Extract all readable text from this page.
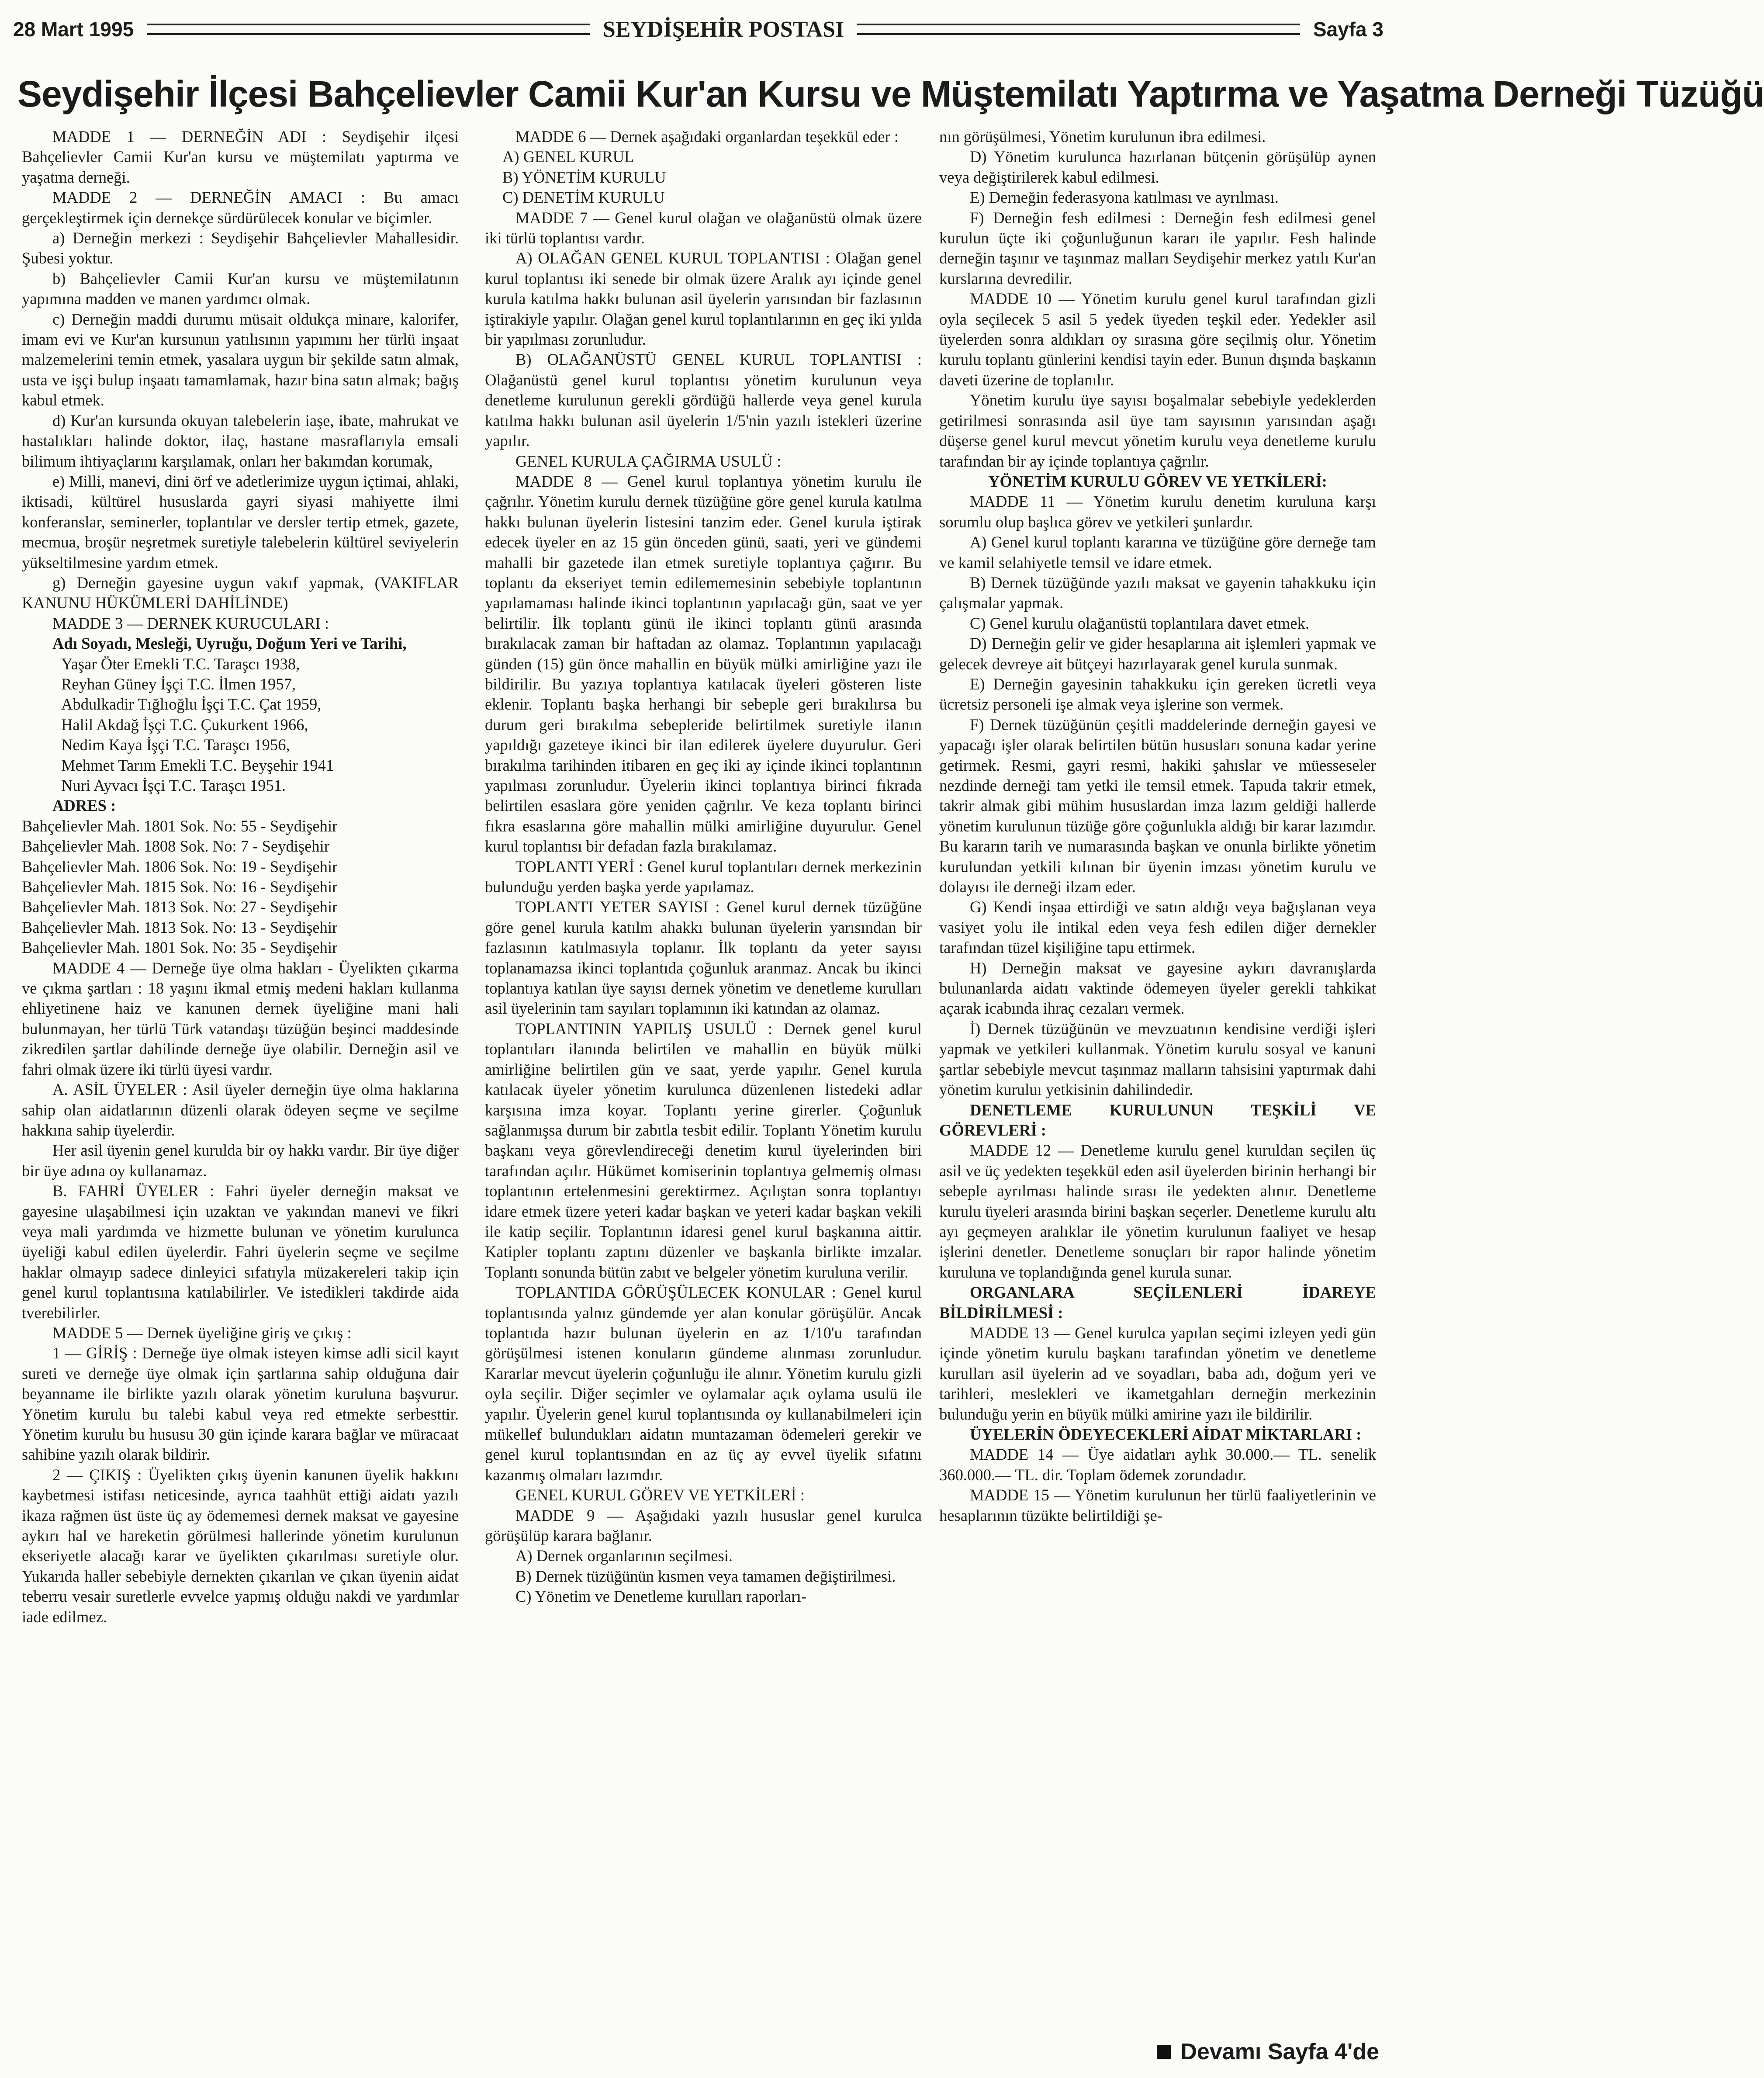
28 Mart 1995	SEYDİŞEHİR POSTASI	Sayfa 3
Seydişehir İlçesi Bahçelievler Camii Kur'an Kursu ve Müştemilatı Yaptırma ve Yaşatma Derneği Tüzüğü

MADDE 1 — DERNEĞİN ADI : Seydişehir ilçesi Bahçelievler Camii Kur'an kursu ve müştemilatı yaptırma ve yaşatma derneği.

MADDE 2 — DERNEĞİN AMACI : Bu amacı gerçekleştirmek için dernekçe sürdürülecek konular ve biçimler.

a) Derneğin merkezi : Seydişehir Bahçelievler Mahallesidir. Şubesi yoktur.

b) Bahçelievler Camii Kur'an kursu ve müştemilatının yapımına madden ve manen yardımcı olmak.

c) Derneğin maddi durumu müsait oldukça minare, kalorifer, imam evi ve Kur'an kursunun yatılısının yapımını her türlü inşaat malzemelerini temin etmek, yasalara uygun bir şekilde satın almak, usta ve işçi bulup inşaatı tamamlamak, hazır bina satın almak; bağış kabul etmek.

d) Kur'an kursunda okuyan talebelerin iaşe, ibate, mahrukat ve hastalıkları halinde doktor, ilaç, hastane masraflarıyla emsali bilimum ihtiyaçlarını karşılamak, onları her bakımdan korumak,

e) Milli, manevi, dini örf ve adetlerimize uygun içtimai, ahlaki, iktisadi, kültürel hususlarda gayri siyasi mahiyette ilmi konferanslar, seminerler, toplantılar ve dersler tertip etmek, gazete, mecmua, broşür neşretmek suretiyle talebelerin kültürel seviyelerin yükseltilmesine yardım etmek.

g) Derneğin gayesine uygun vakıf yapmak, (VAKIFLAR KANUNU HÜKÜMLERİ DAHİLİNDE)

MADDE 3 — DERNEK KURUCULARI :

Adı Soyadı, Mesleği, Uyruğu, Doğum Yeri ve Tarihi,

Yaşar Öter Emekli T.C. Taraşcı 1938,

Reyhan Güney İşçi T.C. İlmen 1957,

Abdulkadir Tığlıoğlu İşçi T.C. Çat 1959,

Halil Akdağ İşçi T.C. Çukurkent 1966,

Nedim Kaya İşçi T.C. Taraşcı 1956,

Mehmet Tarım Emekli T.C. Beyşehir 1941

Nuri Ayvacı İşçi T.C. Taraşcı 1951.

ADRES :

Bahçelievler Mah. 1801 Sok. No: 55 - Seydişehir

Bahçelievler Mah. 1808 Sok. No: 7 - Seydişehir

Bahçelievler Mah. 1806 Sok. No: 19 - Seydişehir

Bahçelievler Mah. 1815 Sok. No: 16 - Seydişehir

Bahçelievler Mah. 1813 Sok. No: 27 - Seydişehir

Bahçelievler Mah. 1813 Sok. No: 13 - Seydişehir

Bahçelievler Mah. 1801 Sok. No: 35 - Seydişehir

MADDE 4 — Derneğe üye olma hakları - Üyelikten çıkarma ve çıkma şartları : 18 yaşını ikmal etmiş medeni hakları kullanma ehliyetinene haiz ve kanunen dernek üyeliğine mani hali bulunmayan, her türlü Türk vatandaşı tüzüğün beşinci maddesinde zikredilen şartlar dahilinde derneğe üye olabilir. Derneğin asil ve fahri olmak üzere iki türlü üyesi vardır.

A. ASİL ÜYELER : Asil üyeler derneğin üye olma haklarına sahip olan aidatlarının düzenli olarak ödeyen seçme ve seçilme hakkına sahip üyelerdir.

Her asil üyenin genel kurulda bir oy hakkı vardır. Bir üye diğer bir üye adına oy kullanamaz.

B. FAHRİ ÜYELER : Fahri üyeler derneğin maksat ve gayesine ulaşabilmesi için uzaktan ve yakından manevi ve fikri veya mali yardımda ve hizmette bulunan ve yönetim kurulunca üyeliği kabul edilen üyelerdir. Fahri üyelerin seçme ve seçilme haklar olmayıp sadece dinleyici sıfatıyla müzakereleri takip için genel kurul toplantısına katılabilirler. Ve istedikleri takdirde aida tverebilirler.

MADDE 5 — Dernek üyeliğine giriş ve çıkış :

1 — GİRİŞ : Derneğe üye olmak isteyen kimse adli sicil kayıt sureti ve derneğe üye olmak için şartlarına sahip olduğuna dair beyanname ile birlikte yazılı olarak yönetim kuruluna başvurur. Yönetim kurulu bu talebi kabul veya red etmekte serbesttir. Yönetim kurulu bu hususu 30 gün içinde karara bağlar ve müracaat sahibine yazılı olarak bildirir.

2 — ÇIKIŞ : Üyelikten çıkış üyenin kanunen üyelik hakkını kaybetmesi istifası neticesinde, ayrıca taahhüt ettiği aidatı yazılı ikaza rağmen üst üste üç ay ödememesi dernek maksat ve gayesine aykırı hal ve hareketin görülmesi hallerinde yönetim kurulunun ekseriyetle alacağı karar ve üyelikten çıkarılması suretiyle olur. Yukarıda haller sebebiyle dernekten çıkarılan ve çıkan üyenin aidat teberru vesair suretlerle evvelce yapmış olduğu nakdi ve yardımlar iade edilmez.

MADDE 6 — Dernek aşağıdaki organlardan teşekkül eder :

A) GENEL KURUL

B) YÖNETİM KURULU

C) DENETİM KURULU

MADDE 7 — Genel kurul olağan ve olağanüstü olmak üzere iki türlü toplantısı vardır.

A) OLAĞAN GENEL KURUL TOPLANTISI : Olağan genel kurul toplantısı iki senede bir olmak üzere Aralık ayı içinde genel kurula katılma hakkı bulunan asil üyelerin yarısından bir fazlasının iştirakiyle yapılır. Olağan genel kurul toplantılarının en geç iki yılda bir yapılması zorunludur.

B) OLAĞANÜSTÜ GENEL KURUL TOPLANTISI : Olağanüstü genel kurul toplantısı yönetim kurulunun veya denetleme kurulunun gerekli gördüğü hallerde veya genel kurula katılma hakkı bulunan asil üyelerin 1/5'nin yazılı istekleri üzerine yapılır.

GENEL KURULA ÇAĞIRMA USULÜ :

MADDE 8 — Genel kurul toplantıya yönetim kurulu ile çağrılır. Yönetim kurulu dernek tüzüğüne göre genel kurula katılma hakkı bulunan üyelerin listesini tanzim eder. Genel kurula iştirak edecek üyeler en az 15 gün önceden günü, saati, yeri ve gündemi mahalli bir gazetede ilan etmek suretiyle toplantıya çağırır. Bu toplantı da ekseriyet temin edilememesinin sebebiyle toplantının yapılamaması halinde ikinci toplantının yapılacağı gün, saat ve yer belirtilir. İlk toplantı günü ile ikinci toplantı günü arasında bırakılacak zaman bir haftadan az olamaz. Toplantının yapılacağı günden (15) gün önce mahallin en büyük mülki amirliğine yazı ile bildirilir. Bu yazıya toplantıya katılacak üyeleri gösteren liste eklenir. Toplantı başka herhangi bir sebeple geri bırakılırsa bu durum geri bırakılma sebepleride belirtilmek suretiyle ilanın yapıldığı gazeteye ikinci bir ilan edilerek üyelere duyurulur. Geri bırakılma tarihinden itibaren en geç iki ay içinde ikinci toplantının yapılması zorunludur. Üyelerin ikinci toplantıya birinci fıkrada belirtilen esaslara göre yeniden çağrılır. Ve keza toplantı birinci fıkra esaslarına göre mahallin mülki amirliğine duyurulur. Genel kurul toplantısı bir defadan fazla bırakılamaz.

TOPLANTI YERİ : Genel kurul toplantıları dernek merkezinin bulunduğu yerden başka yerde yapılamaz.

TOPLANTI YETER SAYISI : Genel kurul dernek tüzüğüne göre genel kurula katılm ahakkı bulunan üyelerin yarısından bir fazlasının katılmasıyla toplanır. İlk toplantı da yeter sayısı toplanamazsa ikinci toplantıda çoğunluk aranmaz. Ancak bu ikinci toplantıya katılan üye sayısı dernek yönetim ve denetleme kurulları asil üyelerinin tam sayıları toplamının iki katından az olamaz.

TOPLANTININ YAPILIŞ USULÜ : Dernek genel kurul toplantıları ilanında belirtilen ve mahallin en büyük mülki amirliğine belirtilen gün ve saat, yerde yapılır. Genel kurula katılacak üyeler yönetim kurulunca düzenlenen listedeki adlar karşısına imza koyar. Toplantı yerine girerler. Çoğunluk sağlanmışsa durum bir zabıtla tesbit edilir. Toplantı Yönetim kurulu başkanı veya görevlendireceği denetim kurul üyelerinden biri tarafından açılır. Hükümet komiserinin toplantıya gelmemiş olması toplantının ertelenmesini gerektirmez. Açılıştan sonra toplantıyı idare etmek üzere yeteri kadar başkan ve yeteri kadar başkan vekili ile katip seçilir. Toplantının idaresi genel kurul başkanına aittir. Katipler toplantı zaptını düzenler ve başkanla birlikte imzalar. Toplantı sonunda bütün zabıt ve belgeler yönetim kuruluna verilir.

TOPLANTIDA GÖRÜŞÜLECEK KONULAR : Genel kurul toplantısında yalnız gündemde yer alan konular görüşülür. Ancak toplantıda hazır bulunan üyelerin en az 1/10'u tarafından görüşülmesi istenen konuların gündeme alınması zorunludur. Kararlar mevcut üyelerin çoğunluğu ile alınır. Yönetim kurulu gizli oyla seçilir. Diğer seçimler ve oylamalar açık oylama usulü ile yapılır. Üyelerin genel kurul toplantısında oy kullanabilmeleri için mükellef bulundukları aidatın muntazaman ödemeleri gerekir ve genel kurul toplantısından en az üç ay evvel üyelik sıfatını kazanmış olmaları lazımdır.

GENEL KURUL GÖREV VE YETKİLERİ :

MADDE 9 — Aşağıdaki yazılı hususlar genel kurulca görüşülüp karara bağlanır.

A) Dernek organlarının seçilmesi.

B) Dernek tüzüğünün kısmen veya tamamen değiştirilmesi.

C) Yönetim ve Denetleme kurulları raporları-

nın görüşülmesi, Yönetim kurulunun ibra edilmesi.

D) Yönetim kurulunca hazırlanan bütçenin görüşülüp aynen veya değiştirilerek kabul edilmesi.

E) Derneğin federasyona katılması ve ayrılması.

F) Derneğin fesh edilmesi : Derneğin fesh edilmesi genel kurulun üçte iki çoğunluğunun kararı ile yapılır. Fesh halinde derneğin taşınır ve taşınmaz malları Seydişehir merkez yatılı Kur'an kurslarına devredilir.

MADDE 10 — Yönetim kurulu genel kurul tarafından gizli oyla seçilecek 5 asil 5 yedek üyeden teşkil eder. Yedekler asil üyelerden sonra aldıkları oy sırasına göre seçilmiş olur. Yönetim kurulu toplantı günlerini kendisi tayin eder. Bunun dışında başkanın daveti üzerine de toplanılır.

Yönetim kurulu üye sayısı boşalmalar sebebiyle yedeklerden getirilmesi sonrasında asil üye tam sayısının yarısından aşağı düşerse genel kurul mevcut yönetim kurulu veya denetleme kurulu tarafından bir ay içinde toplantıya çağrılır.

YÖNETİM KURULU GÖREV VE YETKİLERİ:

MADDE 11 — Yönetim kurulu denetim kuruluna karşı sorumlu olup başlıca görev ve yetkileri şunlardır.

A) Genel kurul toplantı kararına ve tüzüğüne göre derneğe tam ve kamil selahiyetle temsil ve idare etmek.

B) Dernek tüzüğünde yazılı maksat ve gayenin tahakkuku için çalışmalar yapmak.

C) Genel kurulu olağanüstü toplantılara davet etmek.

D) Derneğin gelir ve gider hesaplarına ait işlemleri yapmak ve gelecek devreye ait bütçeyi hazırlayarak genel kurula sunmak.

E) Derneğin gayesinin tahakkuku için gereken ücretli veya ücretsiz personeli işe almak veya işlerine son vermek.

F) Dernek tüzüğünün çeşitli maddelerinde derneğin gayesi ve yapacağı işler olarak belirtilen bütün hususları sonuna kadar yerine getirmek. Resmi, gayri resmi, hakiki şahıslar ve müesseseler nezdinde derneği tam yetki ile temsil etmek. Tapuda takrir etmek, takrir almak gibi mühim hususlardan imza lazım geldiği hallerde yönetim kurulunun tüzüğe göre çoğunlukla aldığı bir karar lazımdır. Bu kararın tarih ve numarasında başkan ve onunla birlikte yönetim kurulundan yetkili kılınan bir üyenin imzası yönetim kurulu ve dolayısı ile derneği ilzam eder.

G) Kendi inşaa ettirdiği ve satın aldığı veya bağışlanan veya vasiyet yolu ile intikal eden veya fesh edilen diğer dernekler tarafından tüzel kişiliğine tapu ettirmek.

H) Derneğin maksat ve gayesine aykırı davranışlarda bulunanlarda aidatı vaktinde ödemeyen üyeler gerekli tahkikat açarak icabında ihraç cezaları vermek.

İ) Dernek tüzüğünün ve mevzuatının kendisine verdiği işleri yapmak ve yetkileri kullanmak. Yönetim kurulu sosyal ve kanuni şartlar sebebiyle mevcut taşınmaz malların tahsisini yaptırmak dahi yönetim kuruluı yetkisinin dahilindedir.

DENETLEME KURULUNUN TEŞKİLİ VE GÖREVLERİ :

MADDE 12 — Denetleme kurulu genel kuruldan seçilen üç asil ve üç yedekten teşekkül eden asil üyelerden birinin herhangi bir sebeple ayrılması halinde sırası ile yedekten alınır. Denetleme kurulu üyeleri arasında birini başkan seçerler. Denetleme kurulu altı ayı geçmeyen aralıklar ile yönetim kurulunun faaliyet ve hesap işlerini denetler. Denetleme sonuçları bir rapor halinde yönetim kuruluna ve toplandığında genel kurula sunar.

ORGANLARA SEÇİLENLERİ İDAREYE BİLDİRİLMESİ :

MADDE 13 — Genel kurulca yapılan seçimi izleyen yedi gün içinde yönetim kurulu başkanı tarafından yönetim ve denetleme kurulları asil üyelerin ad ve soyadları, baba adı, doğum yeri ve tarihleri, meslekleri ve ikametgahları derneğin merkezinin bulunduğu yerin en büyük mülki amirine yazı ile bildirilir.

ÜYELERİN ÖDEYECEKLERİ AİDAT MİKTARLARI :

MADDE 14 — Üye aidatları aylık 30.000.— TL. senelik 360.000.— TL. dir. Toplam ödemek zorundadır.

MADDE 15 — Yönetim kurulunun her türlü faaliyetlerinin ve hesaplarının tüzükte belirtildiği şe-

Devamı Sayfa 4'de
